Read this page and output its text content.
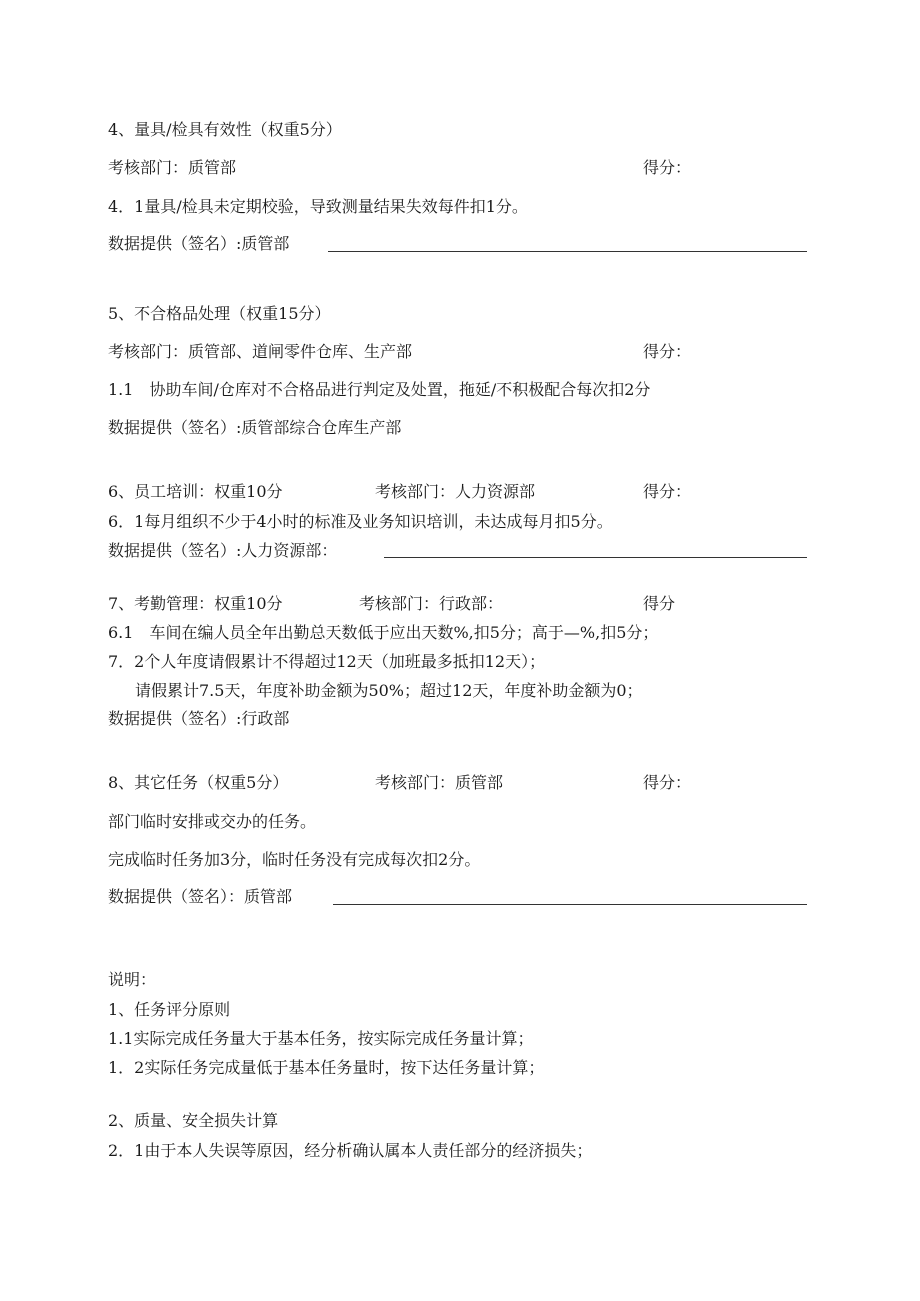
4、量具/检具有效性（权重5分）
考核部门：质管部	得分：
4．1量具/检具未定期校验，导致测量结果失效每件扣1分。
数据提供（签名）:质管部
5、不合格品处理（权重15分）
考核部门：质管部、道闸零件仓库、生产部	得分：
1.1　协助车间/仓库对不合格品进行判定及处置，拖延/不积极配合每次扣2分
数据提供（签名）:质管部综合仓库生产部
6、员工培训：权重10分	考核部门：人力资源部	得分：
6．1每月组织不少于4小时的标准及业务知识培训，未达成每月扣5分。
数据提供（签名）:人力资源部：
7、考勤管理：权重10分	考核部门：行政部：	得分
6.1　车间在编人员全年出勤总天数低于应出天数%,扣5分；高于—%,扣5分；
7．2个人年度请假累计不得超过12天（加班最多抵扣12天）；
请假累计7.5天，年度补助金额为50%；超过12天，年度补助金额为0；
数据提供（签名）:行政部
8、其它任务（权重5分）	考核部门：质管部	得分：
部门临时安排或交办的任务。
完成临时任务加3分，临时任务没有完成每次扣2分。
数据提供（签名）：质管部
说明：
1、任务评分原则
1.1实际完成任务量大于基本任务，按实际完成任务量计算；
1．2实际任务完成量低于基本任务量时，按下达任务量计算；
2、质量、安全损失计算
2．1由于本人失误等原因，经分析确认属本人责任部分的经济损失；
